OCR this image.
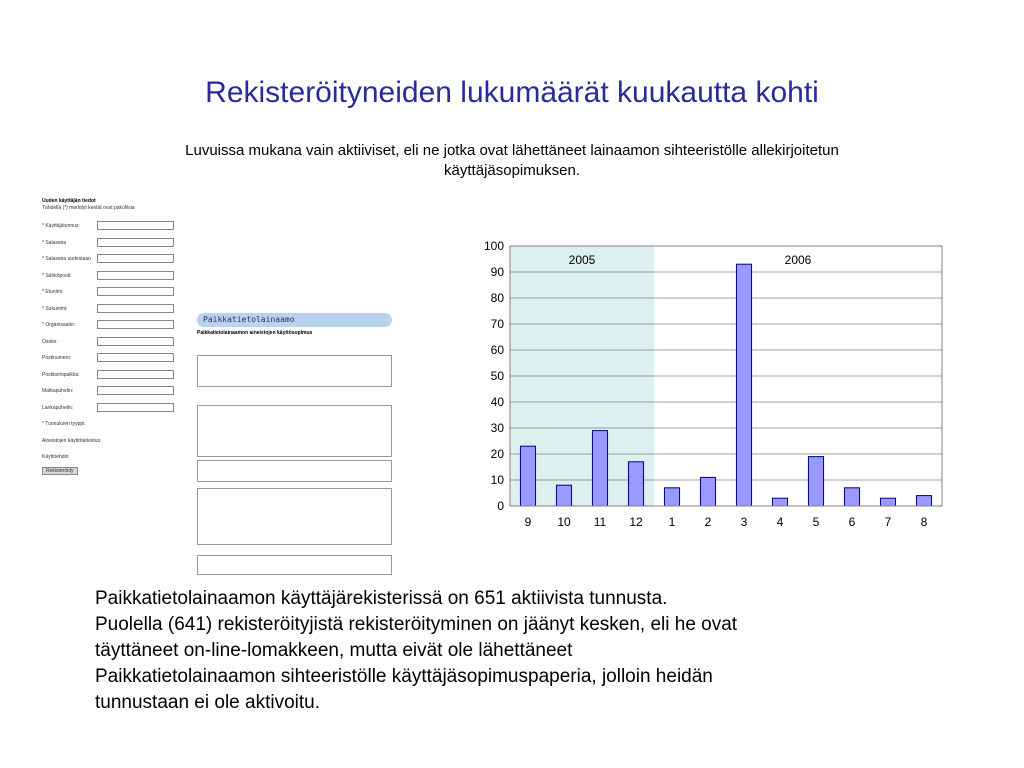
Rekisteröityneiden lukumäärät kuukautta kohti
Luvuissa mukana vain aktiiviset, eli ne jotka ovat lähettäneet lainaamon sihteeristölle allekirjoitetun käyttäjäsopimuksen.
Uuden käyttäjän tiedot
Tähdellä (*) merkityt kentät ovat pakollisia
* Käyttäjätunnus:
* Salasana
* Salasana uudestaan
* Sähköposti:
* Etunimi:
* Sukunimi:
* Organisaatio:
Osoite:
Postinumero:
Postitoimipaikka:
Matkapuhelin:
Lankapuhelin:
* Tunnuksen tyyppi:
Aineistojen käyttötarkoitus:
Käyttöehdot
Rekisteröidy
Paikkatietolainaamo
Paikkatietolainaamon aineistojen käyttösopimus
2005	2006
0
10
20
30
40
50
60
70
80
90
100
9 10 11 12 1 2 3 4 5 6 7 8
Paikkatietolainaamon käyttäjärekisterissä on 651 aktiivista tunnusta.
Puolella (641) rekisteröityjistä rekisteröityminen on jäänyt kesken, eli he ovat
täyttäneet on-line-lomakkeen, mutta eivät ole lähettäneet
Paikkatietolainaamon sihteeristölle käyttäjäsopimuspaperia, jolloin heidän
tunnustaan ei ole aktivoitu.
